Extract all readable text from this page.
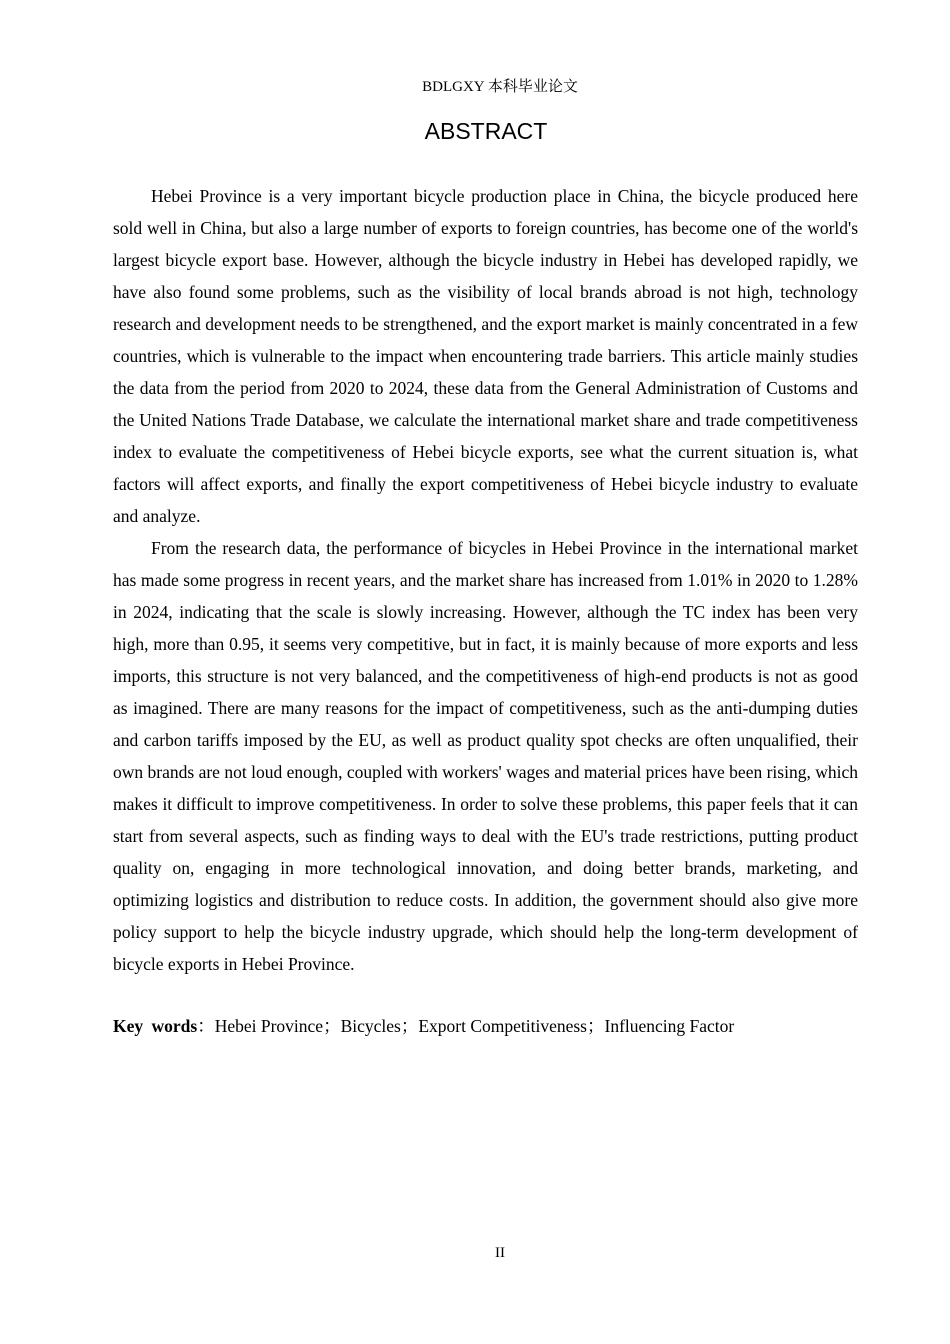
BDLGXY 本科毕业论文
ABSTRACT

Hebei Province is a very important bicycle production place in China, the bicycle produced here sold well in China, but also a large number of exports to foreign countries, has become one of the world's largest bicycle export base. However, although the bicycle industry in Hebei has developed rapidly, we have also found some problems, such as the visibility of local brands abroad is not high, technology research and development needs to be strengthened, and the export market is mainly concentrated in a few countries, which is vulnerable to the impact when encountering trade barriers. This article mainly studies the data from the period from 2020 to 2024, these data from the General Administration of Customs and the United Nations Trade Database, we calculate the international market share and trade competitiveness index to evaluate the competitiveness of Hebei bicycle exports, see what the current situation is, what factors will affect exports, and finally the export competitiveness of Hebei bicycle industry to evaluate and analyze.

From the research data, the performance of bicycles in Hebei Province in the international market has made some progress in recent years, and the market share has increased from 1.01% in 2020 to 1.28% in 2024, indicating that the scale is slowly increasing. However, although the TC index has been very high, more than 0.95, it seems very competitive, but in fact, it is mainly because of more exports and less imports, this structure is not very balanced, and the competitiveness of high-end products is not as good as imagined. There are many reasons for the impact of competitiveness, such as the anti-dumping duties and carbon tariffs imposed by the EU, as well as product quality spot checks are often unqualified, their own brands are not loud enough, coupled with workers' wages and material prices have been rising, which makes it difficult to improve competitiveness. In order to solve these problems, this paper feels that it can start from several aspects, such as finding ways to deal with the EU's trade restrictions, putting product quality on, engaging in more technological innovation, and doing better brands, marketing, and optimizing logistics and distribution to reduce costs. In addition, the government should also give more policy support to help the bicycle industry upgrade, which should help the long-term development of bicycle exports in Hebei Province.

Key words：Hebei Province；Bicycles；Export Competitiveness；Influencing Factor

II
